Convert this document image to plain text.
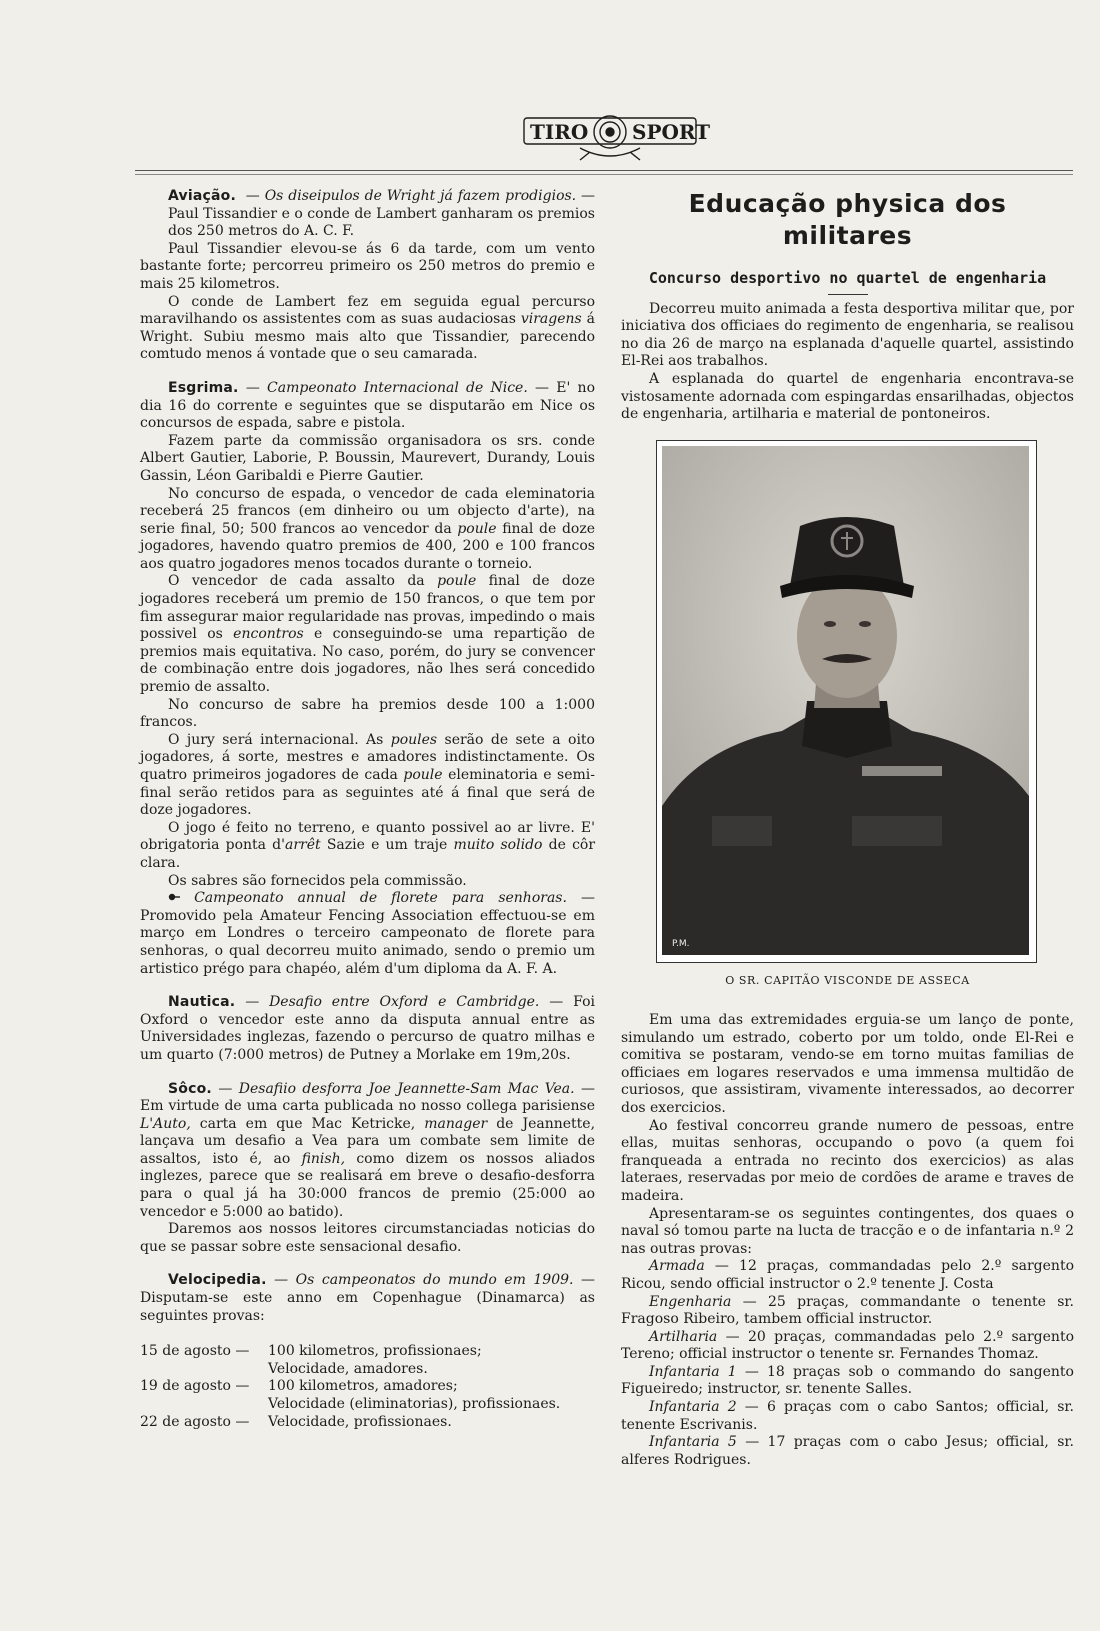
TIRO SPORT

Aviação.  — Os diseipulos de Wright já fazem prodigios. — Paul Tissandier e o conde de Lambert ganharam os premios dos 250 metros do A. C. F.

Paul Tissandier elevou-se ás 6 da tarde, com um vento bastante forte; percorreu primeiro os 250 metros do premio e mais 25 kilometros.

O conde de Lambert fez em seguida egual percurso maravilhando os assistentes com as suas audaciosas viragens á Wright. Subiu mesmo mais alto que Tissandier, parecendo comtudo menos á vontade que o seu camarada.

Esgrima. — Campeonato Internacional de Nice. — E' no dia 16 do corrente e seguintes que se disputarão em Nice os concursos de espada, sabre e pistola.

Fazem parte da commissão organisadora os srs. conde Albert Gautier, Laborie, P. Boussin, Maurevert, Durandy, Louis Gassin, Léon Garibaldi e Pierre Gautier.

No concurso de espada, o vencedor de cada eleminatoria receberá 25 francos (em dinheiro ou um objecto d'arte), na serie final, 50; 500 francos ao vencedor da poule final de doze jogadores, havendo quatro premios de 400, 200 e 100 francos aos quatro jogadores menos tocados durante o torneio.

O vencedor de cada assalto da poule final de doze jogadores receberá um premio de 150 francos, o que tem por fim assegurar maior regularidade nas provas, impedindo o mais possivel os encontros e conseguindo-se uma repartição de premios mais equitativa. No caso, porém, do jury se convencer de combinação entre dois jogadores, não lhes será concedido premio de assalto.

No concurso de sabre ha premios desde 100 a 1:000 francos.

O jury será internacional. As poules serão de sete a oito jogadores, á sorte, mestres e amadores indistinctamente. Os quatro primeiros jogadores de cada poule eleminatoria e semi-final serão retidos para as seguintes até á final que será de doze jogadores.

O jogo é feito no terreno, e quanto possivel ao ar livre. E' obrigatoria ponta d'arrêt Sazie e um traje muito solido de côr clara.

Os sabres são fornecidos pela commissão.

Campeonato annual de florete para senhoras. — Promovido pela Amateur Fencing Association effectuou-se em março em Londres o terceiro campeonato de florete para senhoras, o qual decorreu muito animado, sendo o premio um artistico prégo para chapéo, além d'um diploma da A. F. A.

Nautica. — Desafio entre Oxford e Cambridge. — Foi Oxford o vencedor este anno da disputa annual entre as Universidades inglezas, fazendo o percurso de quatro milhas e um quarto (7:000 metros) de Putney a Morlake em 19m,20s.

Sôco. — Desafiio desforra Joe Jeannette-Sam Mac Vea. — Em virtude de uma carta publicada no nosso collega parisiense L'Auto, carta em que Mac Ketricke, manager de Jeannette, lançava um desafio a Vea para um combate sem limite de assaltos, isto é, ao finish, como dizem os nossos aliados inglezes, parece que se realisará em breve o desafio-desforra para o qual já ha 30:000 francos de premio (25:000 ao vencedor e 5:000 ao batido).

Daremos aos nossos leitores circumstanciadas noticias do que se passar sobre este sensacional desafio.

Velocipedia. — Os campeonatos do mundo em 1909. — Disputam-se este anno em Copenhague (Dinamarca) as seguintes provas:

15 de agosto —	100 kilometros, profissionaes;
Velocidade, amadores.
19 de agosto —	100 kilometros, amadores;
Velocidade (eliminatorias), profissionaes.
22 de agosto —	Velocidade, profissionaes.
Educação physica dos militares
Concurso desportivo no quartel de engenharia

Decorreu muito animada a festa desportiva militar que, por iniciativa dos officiaes do regimento de engenharia, se realisou no dia 26 de março na esplanada d'aquelle quartel, assistindo El-Rei aos trabalhos.

A esplanada do quartel de engenharia encontrava-se vistosamente adornada com espingardas ensarilhadas, objectos de engenharia, artilharia e material de pontoneiros.

P.M.
O SR. CAPITÃO VISCONDE DE ASSECA

Em uma das extremidades erguia-se um lanço de ponte, simulando um estrado, coberto por um toldo, onde El-Rei e comitiva se postaram, vendo-se em torno muitas familias de officiaes em logares reservados e uma immensa multidão de curiosos, que assistiram, vivamente interessados, ao decorrer dos exercicios.

Ao festival concorreu grande numero de pessoas, entre ellas, muitas senhoras, occupando o povo (a quem foi franqueada a entrada no recinto dos exercicios) as alas lateraes, reservadas por meio de cordões de arame e traves de madeira.

Apresentaram-se os seguintes contingentes, dos quaes o naval só tomou parte na lucta de tracção e o de infantaria n.º 2 nas outras provas:

Armada — 12 praças, commandadas pelo 2.º sargento Ricou, sendo official instructor o 2.º tenente J. Costa

Engenharia — 25 praças, commandante o tenente sr. Fragoso Ribeiro, tambem official instructor.

Artilharia — 20 praças, commandadas pelo 2.º sargento Tereno; official instructor o tenente sr. Fernandes Thomaz.

Infantaria 1 — 18 praças sob o commando do sangento Figueiredo; instructor, sr. tenente Salles.

Infantaria 2 — 6 praças com o cabo Santos; official, sr. tenente Escrivanis.

Infantaria 5 — 17 praças com o cabo Jesus; official, sr. alferes Rodrigues.
